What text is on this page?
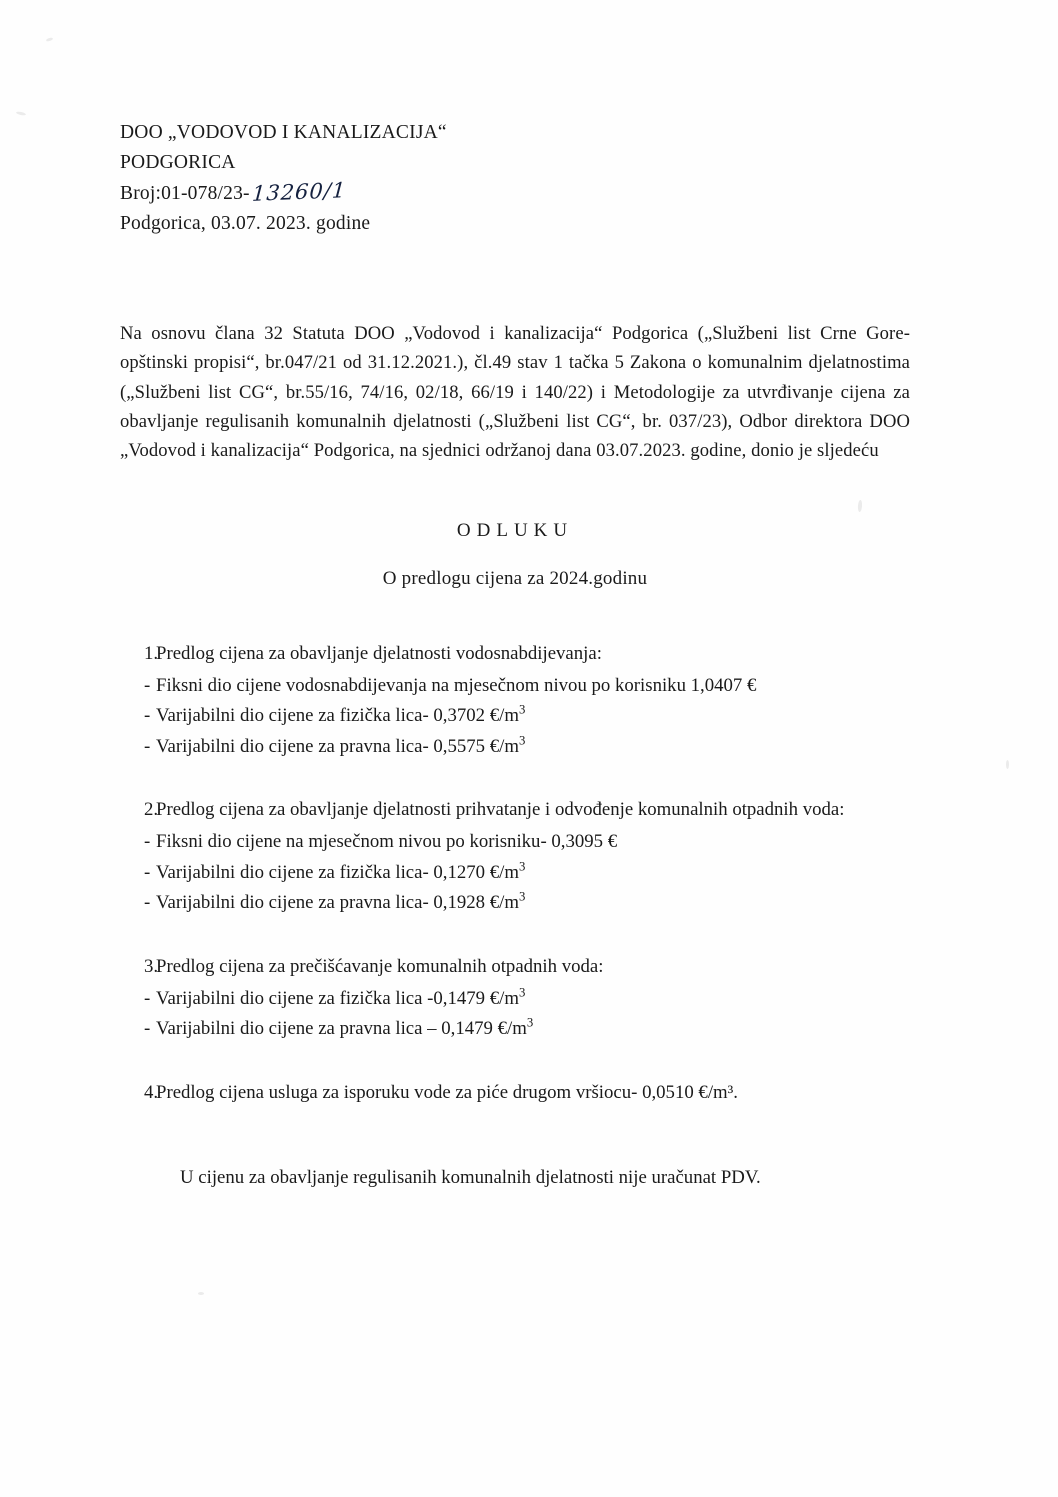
DOO „VODOVOD I KANALIZACIJA“
PODGORICA
Broj:01-078/23-13260/1
Podgorica, 03.07. 2023. godine

Na osnovu člana 32 Statuta DOO „Vodovod i kanalizacija“ Podgorica („Službeni list Crne Gore-opštinski propisi“, br.047/21 od 31.12.2021.), čl.49 stav 1 tačka 5 Zakona o komunalnim djelatnostima („Službeni list CG“, br.55/16, 74/16, 02/18, 66/19 i 140/22) i Metodologije za utvrđivanje cijena za obavljanje regulisanih komunalnih djelatnosti („Službeni list CG“, br. 037/23), Odbor direktora DOO „Vodovod i kanalizacija“ Podgorica, na sjednici održanoj dana 03.07.2023. godine, donio je sljedeću

ODLUKU
O predlogu cijena za 2024.godinu
1.
Predlog cijena za obavljanje djelatnosti vodosnabdijevanja:
- Fiksni dio cijene vodosnabdijevanja na mjesečnom nivou po korisniku 1,0407 €
- Varijabilni dio cijene za fizička lica- 0,3702 $€/m^3$
- Varijabilni dio cijene za pravna lica- 0,5575 $€/m^3$
2.
Predlog cijena za obavljanje djelatnosti prihvatanje i odvođenje komunalnih otpadnih voda:
- Fiksni dio cijene na mjesečnom nivou po korisniku- 0,3095 €
- Varijabilni dio cijene za fizička lica- 0,1270 $€/m^3$
- Varijabilni dio cijene za pravna lica- 0,1928 $€/m^3$
3.
Predlog cijena za prečišćavanje komunalnih otpadnih voda:
- Varijabilni dio cijene za fizička lica -0,1479 $€/m^3$
- Varijabilni dio cijene za pravna lica – 0,1479 $€/m^3$
4.
Predlog cijena usluga za isporuku vode za piće drugom vršiocu- 0,0510 €/m³.
U cijenu za obavljanje regulisanih komunalnih djelatnosti nije uračunat PDV.
